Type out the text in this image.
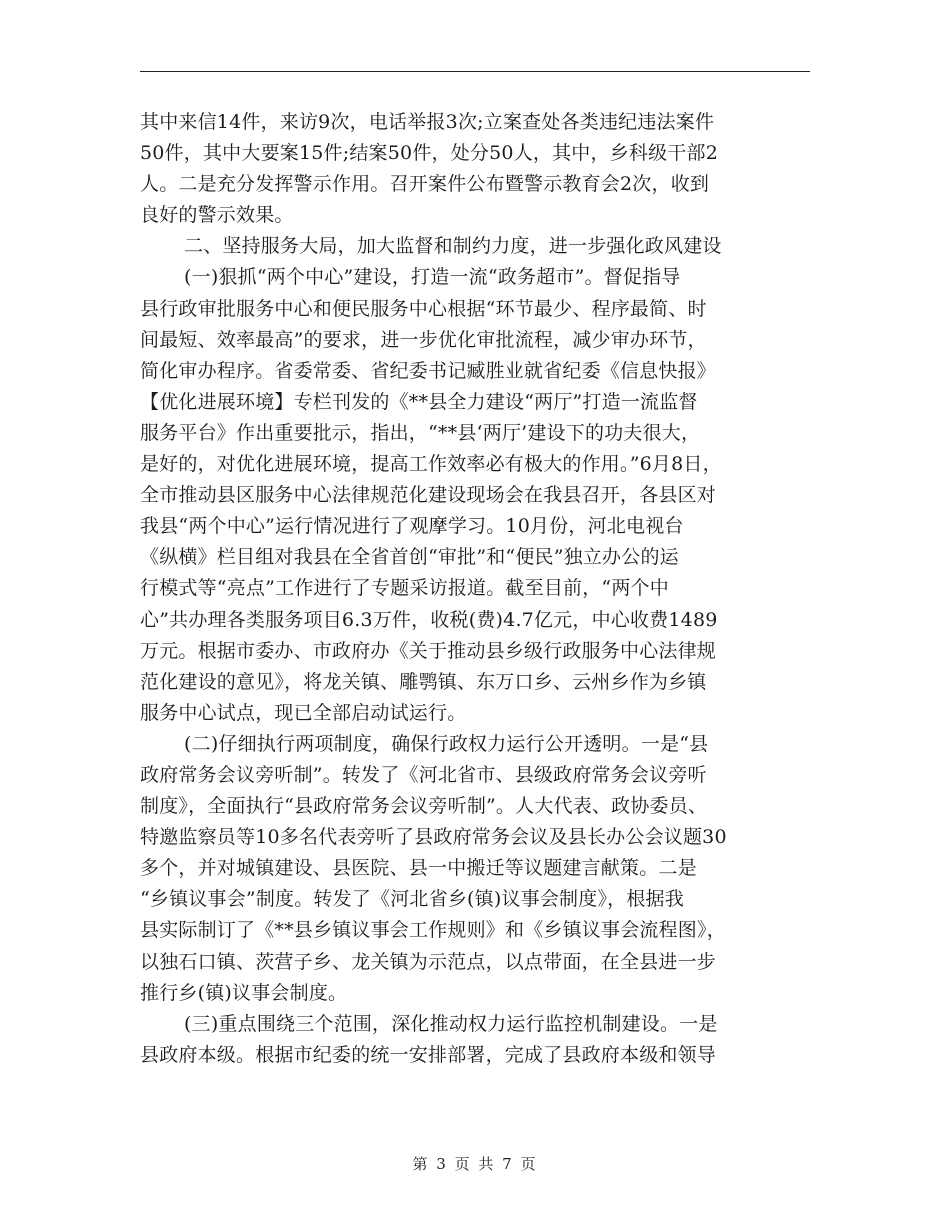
其中来信14件，来访9次，电话举报3次;立案查处各类违纪违法案件
50件，其中大要案15件;结案50件，处分50人，其中，乡科级干部2
人。二是充分发挥警示作用。召开案件公布暨警示教育会2次，收到
良好的警示效果。
二、坚持服务大局，加大监督和制约力度，进一步强化政风建设
(一)狠抓“两个中心”建设，打造一流“政务超市”。督促指导
县行政审批服务中心和便民服务中心根据“环节最少、程序最简、时
间最短、效率最高”的要求，进一步优化审批流程，减少审办环节，
简化审办程序。省委常委、省纪委书记臧胜业就省纪委《信息快报》
【优化进展环境】专栏刊发的《**县全力建设“两厅”打造一流监督
服务平台》作出重要批示，指出，“**县‘两厅’建设下的功夫很大，
是好的，对优化进展环境，提高工作效率必有极大的作用。”6月8日，
全市推动县区服务中心法律规范化建设现场会在我县召开，各县区对
我县“两个中心”运行情况进行了观摩学习。10月份，河北电视台
《纵横》栏目组对我县在全省首创“审批”和“便民”独立办公的运
行模式等“亮点”工作进行了专题采访报道。截至目前，“两个中
心”共办理各类服务项目6.3万件，收税(费)4.7亿元，中心收费1489
万元。根据市委办、市政府办《关于推动县乡级行政服务中心法律规
范化建设的意见》，将龙关镇、雕鹗镇、东万口乡、云州乡作为乡镇
服务中心试点，现已全部启动试运行。
(二)仔细执行两项制度，确保行政权力运行公开透明。一是“县
政府常务会议旁听制”。转发了《河北省市、县级政府常务会议旁听
制度》，全面执行“县政府常务会议旁听制”。人大代表、政协委员、
特邀监察员等10多名代表旁听了县政府常务会议及县长办公会议题30
多个，并对城镇建设、县医院、县一中搬迁等议题建言献策。二是
“乡镇议事会”制度。转发了《河北省乡(镇)议事会制度》，根据我
县实际制订了《**县乡镇议事会工作规则》和《乡镇议事会流程图》，
以独石口镇、茨营子乡、龙关镇为示范点，以点带面，在全县进一步
推行乡(镇)议事会制度。
(三)重点围绕三个范围，深化推动权力运行监控机制建设。一是
县政府本级。根据市纪委的统一安排部署，完成了县政府本级和领导
第 3 页 共 7 页
